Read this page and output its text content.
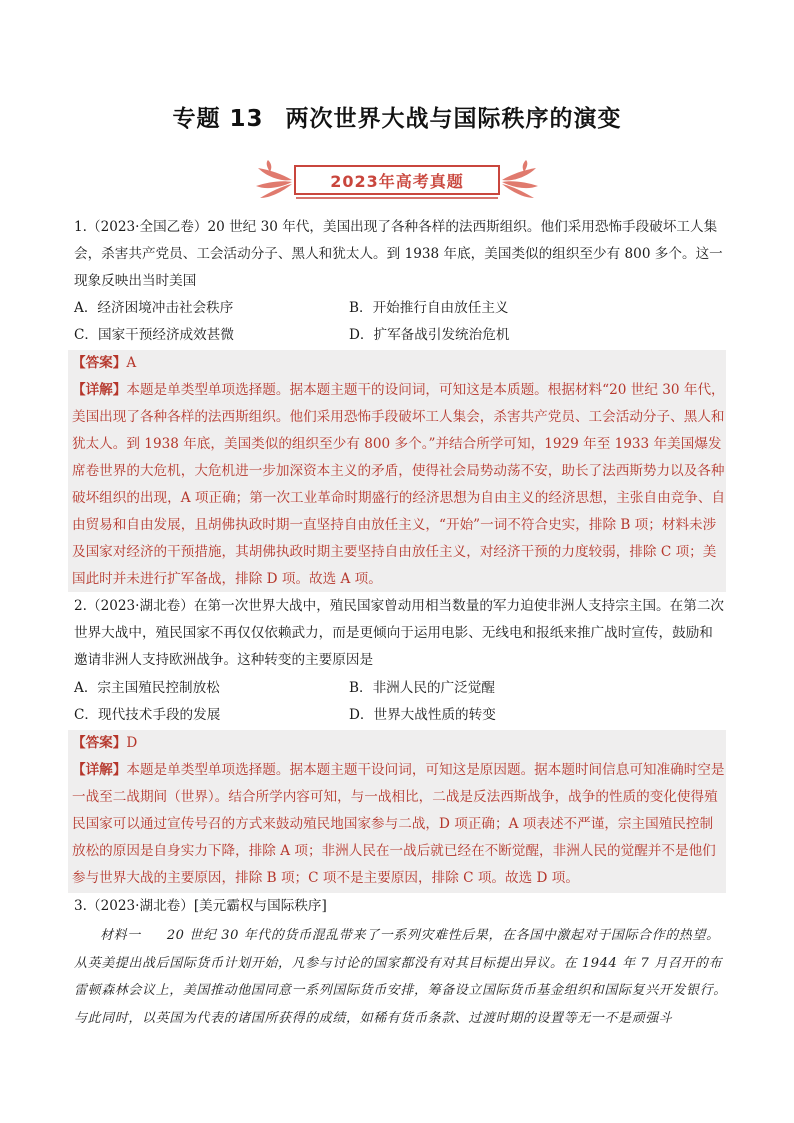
专题 13 两次世界大战与国际秩序的演变
2023年高考真题

1.（2023·全国乙卷）20 世纪 30 年代，美国出现了各种各样的法西斯组织。他们采用恐怖手段破坏工人集会，杀害共产党员、工会活动分子、黑人和犹太人。到 1938 年底，美国类似的组织至少有 800 多个。这一现象反映出当时美国

A．经济困境冲击社会秩序	B．开始推行自由放任主义
C．国家干预经济成效甚微	D．扩军备战引发统治危机

【答案】A

【详解】本题是单类型单项选择题。据本题主题干的设问词，可知这是本质题。根据材料“20 世纪 30 年代，美国出现了各种各样的法西斯组织。他们采用恐怖手段破坏工人集会，杀害共产党员、工会活动分子、黑人和犹太人。到 1938 年底，美国类似的组织至少有 800 多个。”并结合所学可知，1929 年至 1933 年美国爆发席卷世界的大危机，大危机进一步加深资本主义的矛盾，使得社会局势动荡不安，助长了法西斯势力以及各种破坏组织的出现，A 项正确；第一次工业革命时期盛行的经济思想为自由主义的经济思想，主张自由竞争、自由贸易和自由发展，且胡佛执政时期一直坚持自由放任主义，“开始”一词不符合史实，排除 B 项；材料未涉及国家对经济的干预措施，其胡佛执政时期主要坚持自由放任主义，对经济干预的力度较弱，排除 C 项；美国此时并未进行扩军备战，排除 D 项。故选 A 项。

2.（2023·湖北卷）在第一次世界大战中，殖民国家曾动用相当数量的军力迫使非洲人支持宗主国。在第二次世界大战中，殖民国家不再仅仅依赖武力，而是更倾向于运用电影、无线电和报纸来推广战时宣传，鼓励和邀请非洲人支持欧洲战争。这种转变的主要原因是

A．宗主国殖民控制放松	B．非洲人民的广泛觉醒
C．现代技术手段的发展	D．世界大战性质的转变

【答案】D

【详解】本题是单类型单项选择题。据本题主题干设问词，可知这是原因题。据本题时间信息可知准确时空是一战至二战期间（世界）。结合所学内容可知，与一战相比，二战是反法西斯战争，战争的性质的变化使得殖民国家可以通过宣传号召的方式来鼓动殖民地国家参与二战，D 项正确；A 项表述不严谨，宗主国殖民控制放松的原因是自身实力下降，排除 A 项；非洲人民在一战后就已经在不断觉醒，非洲人民的觉醒并不是他们参与世界大战的主要原因，排除 B 项；C 项不是主要原因，排除 C 项。故选 D 项。

3.（2023·湖北卷）[美元霸权与国际秩序]

材料一 20 世纪 30 年代的货币混乱带来了一系列灾难性后果，在各国中激起对于国际合作的热望。从英美提出战后国际货币计划开始，凡参与讨论的国家都没有对其目标提出异议。在 1944 年 7 月召开的布雷顿森林会议上，美国推动他国同意一系列国际货币安排，筹备设立国际货币基金组织和国际复兴开发银行。与此同时，以英国为代表的诸国所获得的成绩，如稀有货币条款、过渡时期的设置等无一不是顽强斗
